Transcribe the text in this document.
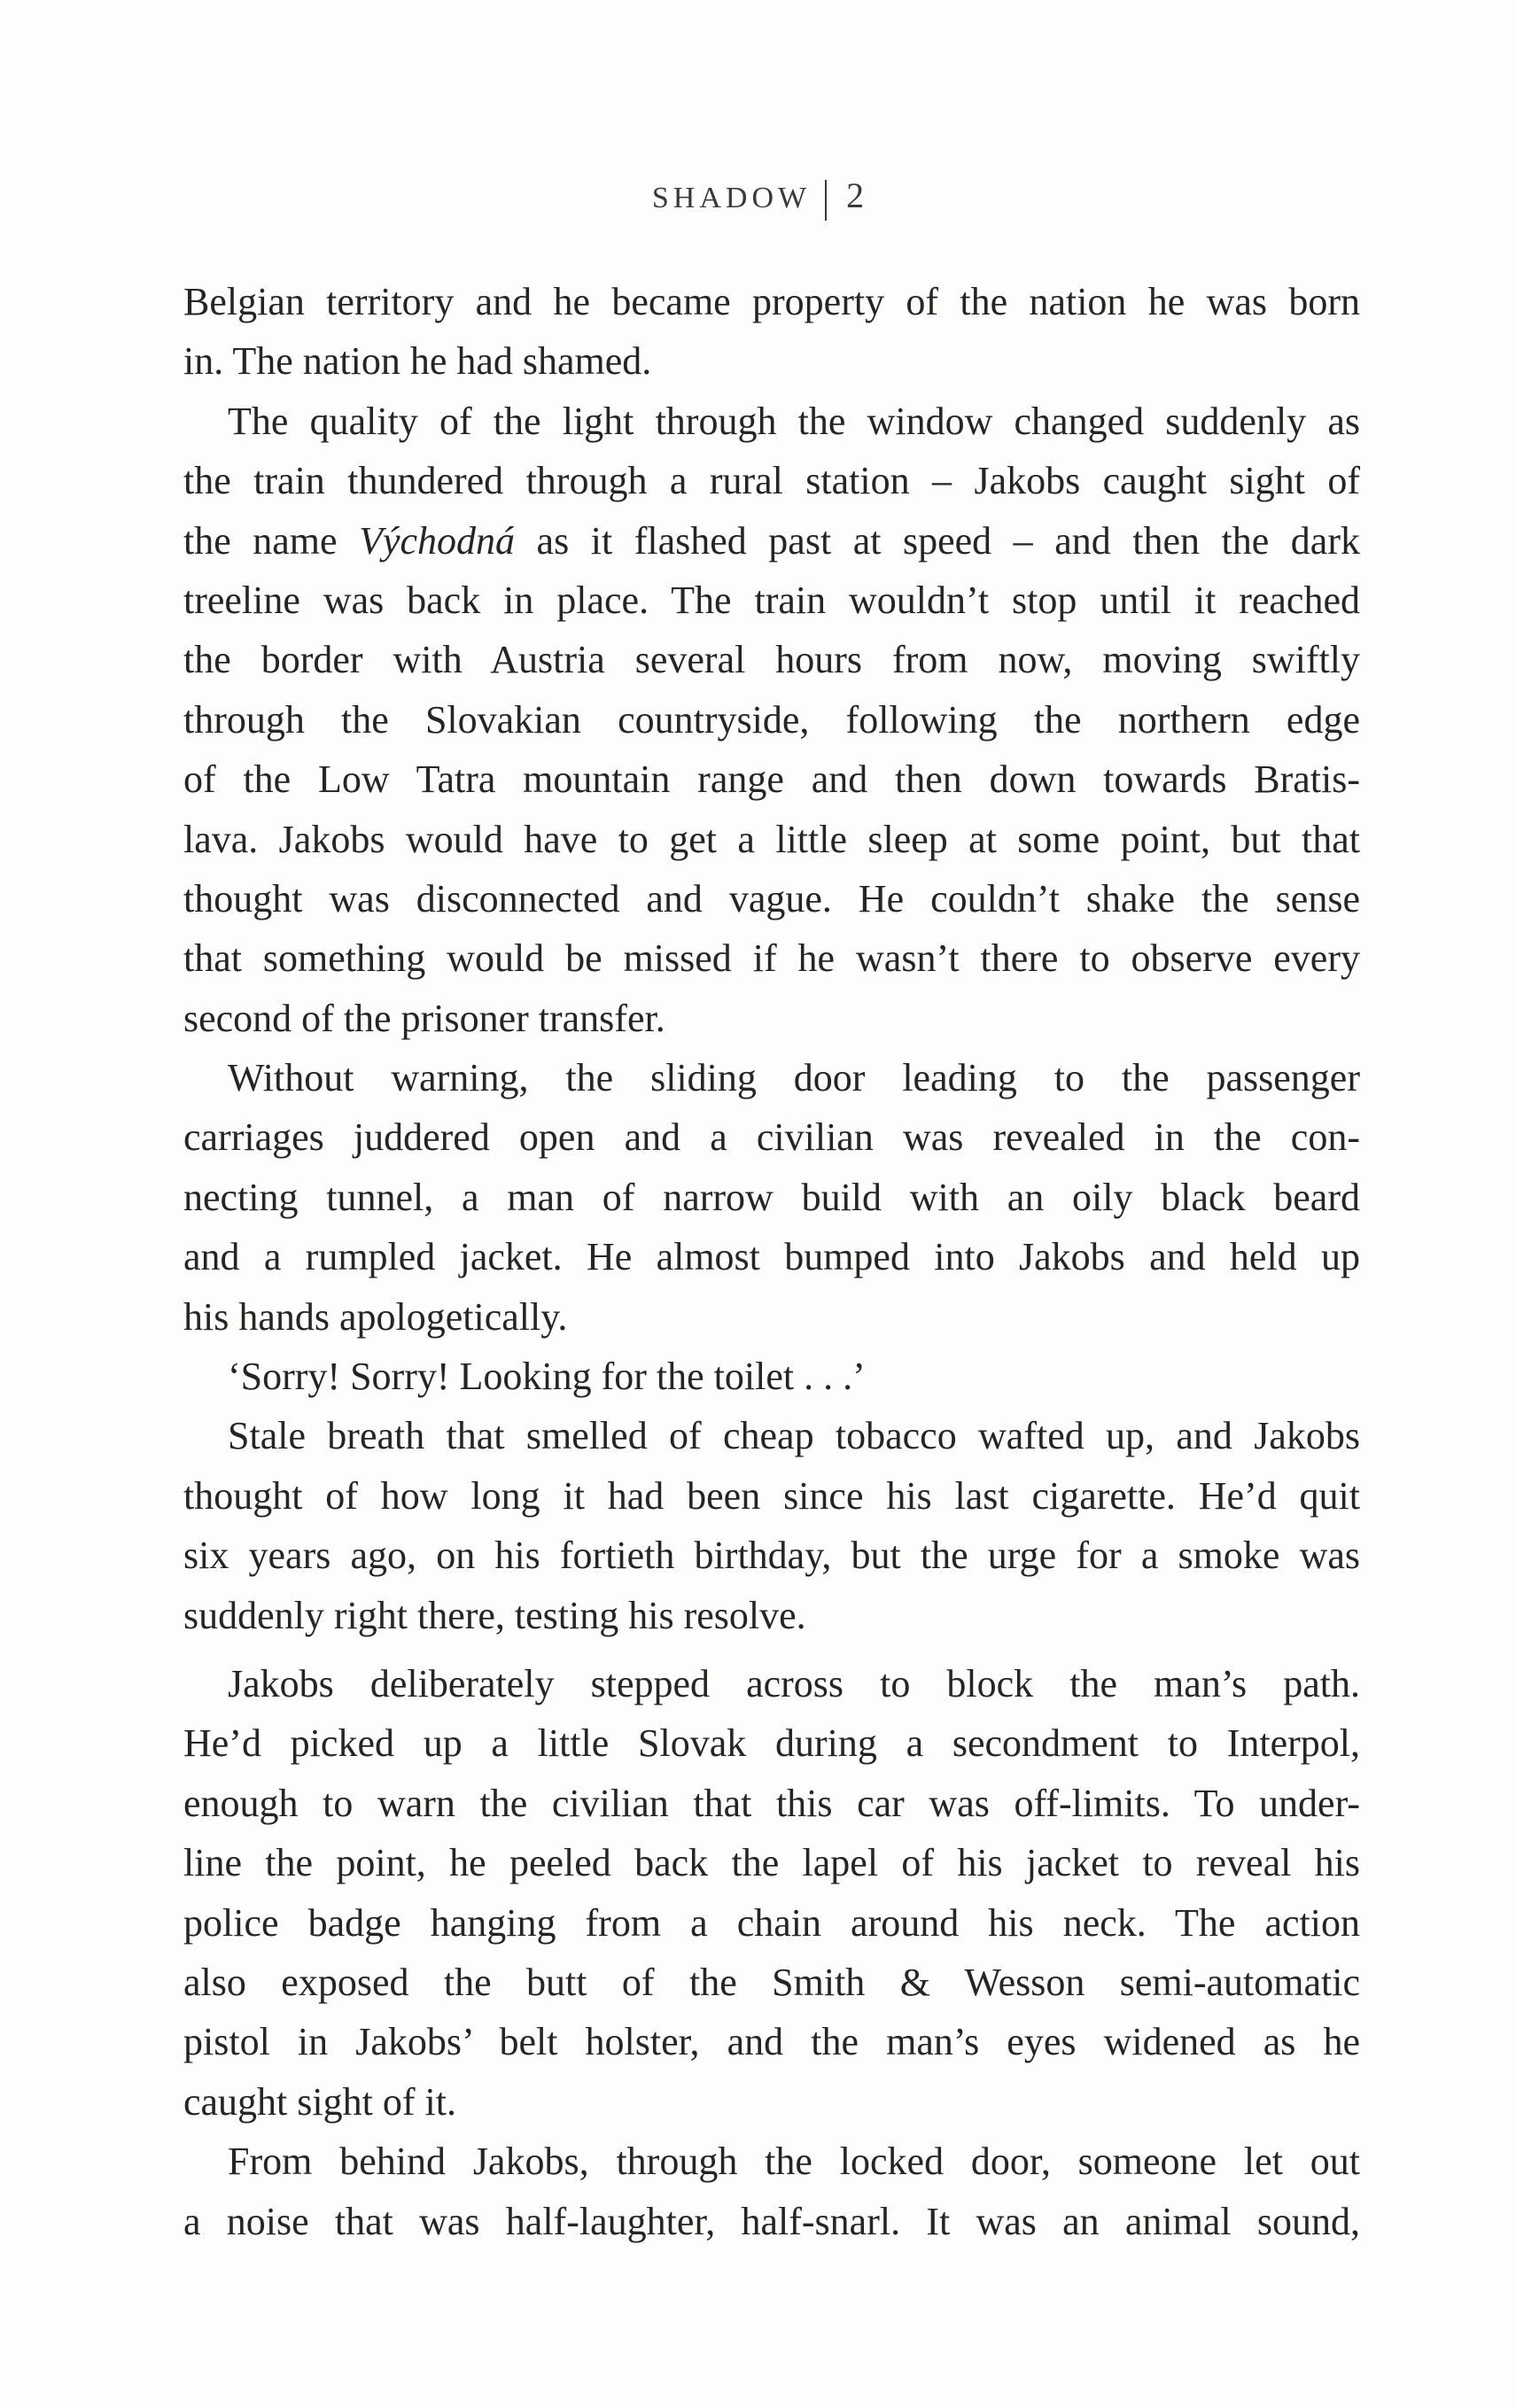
SHADOW 2
Belgian territory and he became property of the nation he was born
in. The nation he had shamed.
The quality of the light through the window changed suddenly as
the train thundered through a rural station – Jakobs caught sight of
the name Východná as it flashed past at speed – and then the dark
treeline was back in place. The train wouldn’t stop until it reached
the border with Austria several hours from now, moving swiftly
through the Slovakian countryside, following the northern edge
of the Low Tatra mountain range and then down towards Bratis-
lava. Jakobs would have to get a little sleep at some point, but that
thought was disconnected and vague. He couldn’t shake the sense
that something would be missed if he wasn’t there to observe every
second of the prisoner transfer.
Without warning, the sliding door leading to the passenger
carriages juddered open and a civilian was revealed in the con-
necting tunnel, a man of narrow build with an oily black beard
and a rumpled jacket. He almost bumped into Jakobs and held up
his hands apologetically.
‘Sorry! Sorry! Looking for the toilet . . .’
Stale breath that smelled of cheap tobacco wafted up, and Jakobs
thought of how long it had been since his last cigarette. He’d quit
six years ago, on his fortieth birthday, but the urge for a smoke was
suddenly right there, testing his resolve.
Jakobs deliberately stepped across to block the man’s path.
He’d picked up a little Slovak during a secondment to Interpol,
enough to warn the civilian that this car was off-limits. To under-
line the point, he peeled back the lapel of his jacket to reveal his
police badge hanging from a chain around his neck. The action
also exposed the butt of the Smith & Wesson semi-automatic
pistol in Jakobs’ belt holster, and the man’s eyes widened as he
caught sight of it.
From behind Jakobs, through the locked door, someone let out
a noise that was half-laughter, half-snarl. It was an animal sound,
